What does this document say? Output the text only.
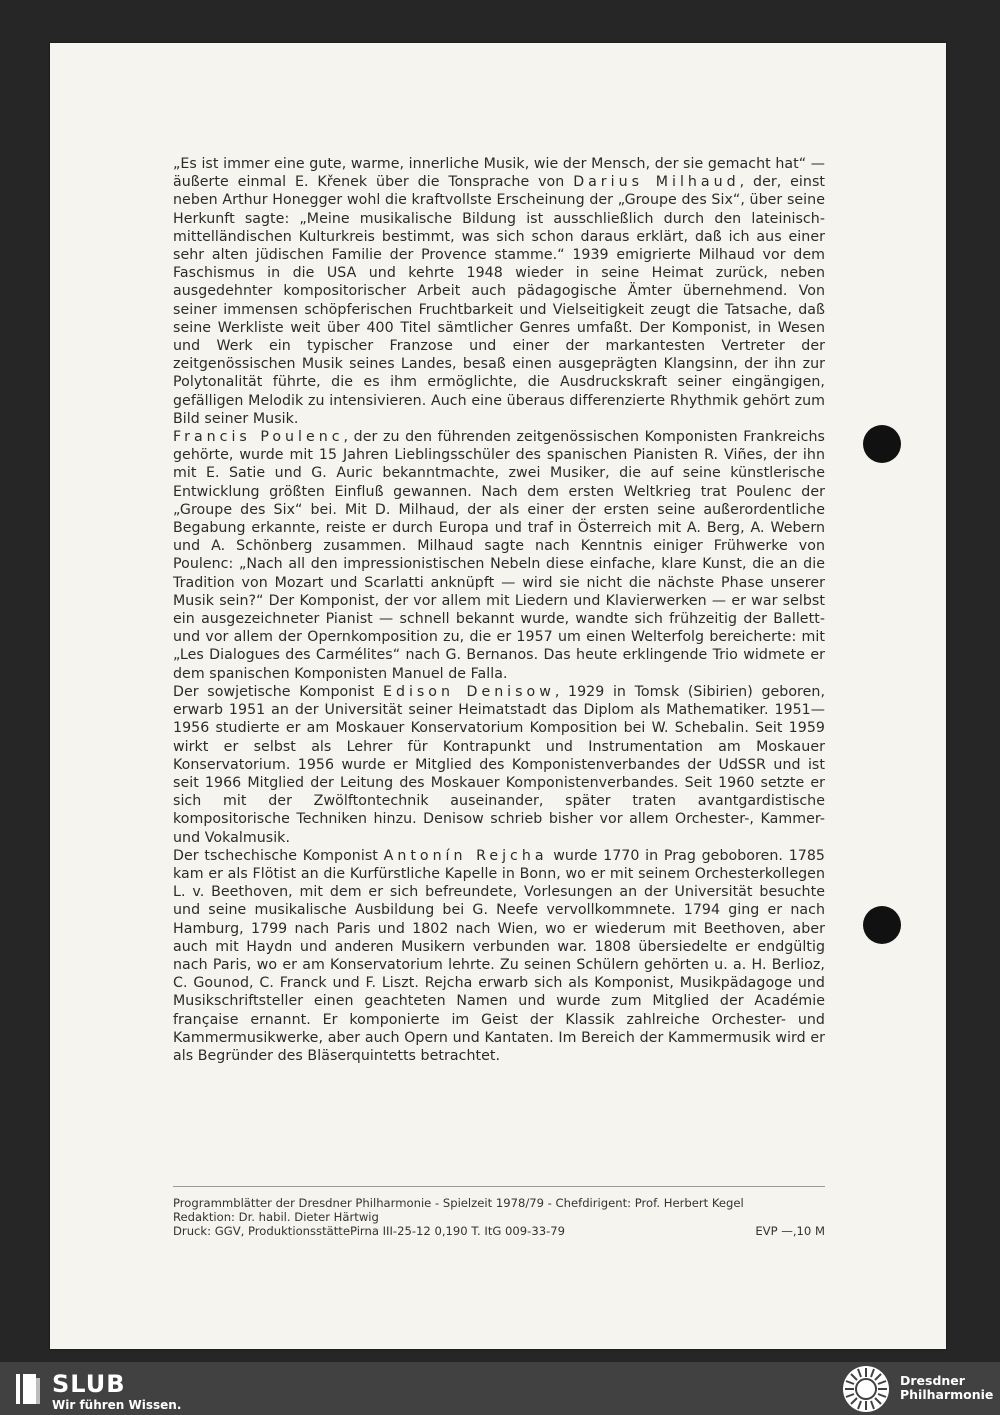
„Es ist immer eine gute, warme, innerliche Musik, wie der Mensch, der sie gemacht hat“ — äußerte einmal E. Křenek über die Tonsprache von Darius Milhaud, der, einst neben Arthur Honegger wohl die kraftvollste Erscheinung der „Groupe des Six“, über seine Herkunft sagte: „Meine musikalische Bildung ist ausschließlich durch den lateinisch-mittelländischen Kulturkreis bestimmt, was sich schon daraus erklärt, daß ich aus einer sehr alten jüdischen Familie der Provence stamme.“ 1939 emigrierte Milhaud vor dem Faschismus in die USA und kehrte 1948 wieder in seine Heimat zurück, neben ausgedehnter kompositorischer Arbeit auch pädagogische Ämter übernehmend. Von seiner immensen schöpferischen Fruchtbarkeit und Vielseitigkeit zeugt die Tatsache, daß seine Werkliste weit über 400 Titel sämtlicher Genres umfaßt. Der Komponist, in Wesen und Werk ein typischer Franzose und einer der markantesten Vertreter der zeitgenössischen Musik seines Landes, besaß einen ausgeprägten Klangsinn, der ihn zur Polytonalität führte, die es ihm ermöglichte, die Ausdruckskraft seiner eingängigen, gefälligen Melodik zu intensivieren. Auch eine überaus differenzierte Rhythmik gehört zum Bild seiner Musik.

Francis Poulenc, der zu den führenden zeitgenössischen Komponisten Frankreichs gehörte, wurde mit 15 Jahren Lieblingsschüler des spanischen Pianisten R. Viñes, der ihn mit E. Satie und G. Auric bekanntmachte, zwei Musiker, die auf seine künstlerische Entwicklung größten Einfluß gewannen. Nach dem ersten Weltkrieg trat Poulenc der „Groupe des Six“ bei. Mit D. Milhaud, der als einer der ersten seine außerordentliche Begabung erkannte, reiste er durch Europa und traf in Österreich mit A. Berg, A. Webern und A. Schönberg zusammen. Milhaud sagte nach Kenntnis einiger Frühwerke von Poulenc: „Nach all den impressionistischen Nebeln diese einfache, klare Kunst, die an die Tradition von Mozart und Scarlatti anknüpft — wird sie nicht die nächste Phase unserer Musik sein?“ Der Komponist, der vor allem mit Liedern und Klavierwerken — er war selbst ein ausgezeichneter Pianist — schnell bekannt wurde, wandte sich frühzeitig der Ballett- und vor allem der Opernkomposition zu, die er 1957 um einen Welterfolg bereicherte: mit „Les Dialogues des Carmélites“ nach G. Bernanos. Das heute erklingende Trio widmete er dem spanischen Komponisten Manuel de Falla.

Der sowjetische Komponist Edison Denisow, 1929 in Tomsk (Sibirien) geboren, erwarb 1951 an der Universität seiner Heimatstadt das Diplom als Mathematiker. 1951—1956 studierte er am Moskauer Konservatorium Komposition bei W. Schebalin. Seit 1959 wirkt er selbst als Lehrer für Kontrapunkt und Instrumentation am Moskauer Konservatorium. 1956 wurde er Mitglied des Komponistenverbandes der UdSSR und ist seit 1966 Mitglied der Leitung des Moskauer Komponistenverbandes. Seit 1960 setzte er sich mit der Zwölftontechnik auseinander, später traten avantgardistische kompositorische Techniken hinzu. Denisow schrieb bisher vor allem Orchester-, Kammer- und Vokalmusik.

Der tschechische Komponist Antonín Rejcha wurde 1770 in Prag geboboren. 1785 kam er als Flötist an die Kurfürstliche Kapelle in Bonn, wo er mit seinem Orchesterkollegen L. v. Beethoven, mit dem er sich befreundete, Vorlesungen an der Universität besuchte und seine musikalische Ausbildung bei G. Neefe vervollkommnete. 1794 ging er nach Hamburg, 1799 nach Paris und 1802 nach Wien, wo er wiederum mit Beethoven, aber auch mit Haydn und anderen Musikern verbunden war. 1808 übersiedelte er endgültig nach Paris, wo er am Konservatorium lehrte. Zu seinen Schülern gehörten u. a. H. Berlioz, C. Gounod, C. Franck und F. Liszt. Rejcha erwarb sich als Komponist, Musikpädagoge und Musikschriftsteller einen geachteten Namen und wurde zum Mitglied der Académie française ernannt. Er komponierte im Geist der Klassik zahlreiche Orchester- und Kammermusikwerke, aber auch Opern und Kantaten. Im Bereich der Kammermusik wird er als Begründer des Bläserquintetts betrachtet.

Programmblätter der Dresdner Philharmonie - Spielzeit 1978/79 - Chefdirigent: Prof. Herbert Kegel
Redaktion: Dr. habil. Dieter Härtwig
Druck: GGV, ProduktionsstättePirna III-25-12 0,190 T. ItG 009-33-79	EVP —,10 M
SLUB
Wir führen Wissen.
Dresdner
Philharmonie
